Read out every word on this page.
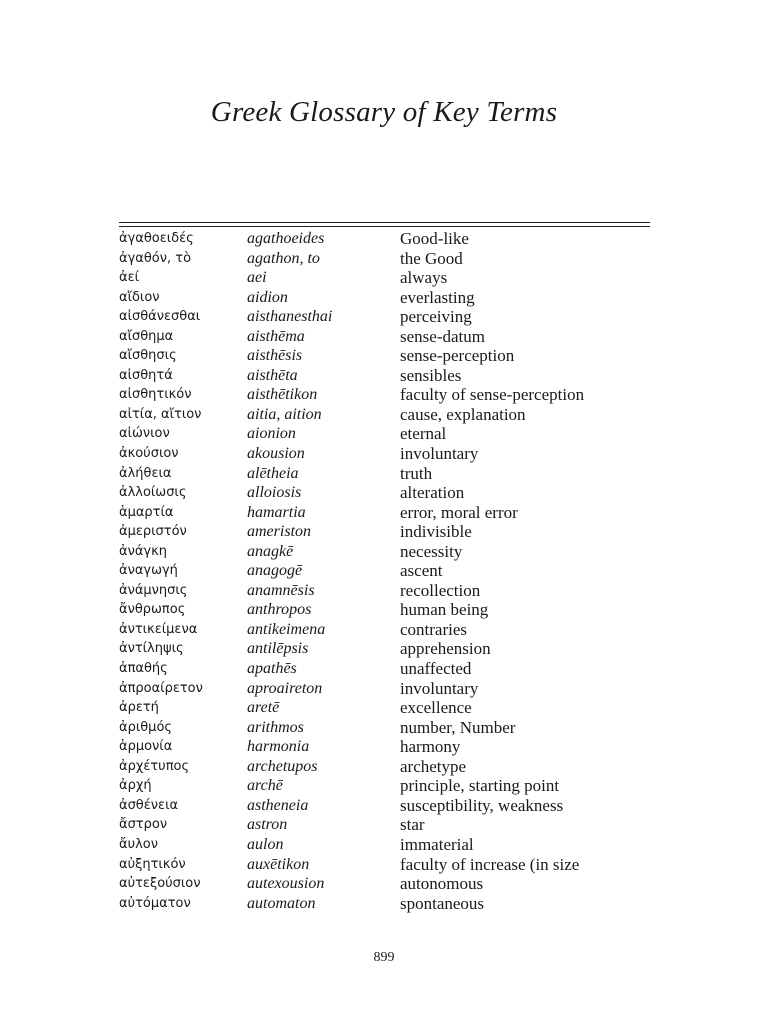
Greek Glossary of Key Terms
ἀγαθοειδές	agathoeides	Good-like
ἀγαθόν, τὸ	agathon, to	the Good
ἀεί	aei	always
αἴδιον	aidion	everlasting
αἰσθάνεσθαι	aisthanesthai	perceiving
αἴσθημα	aisthēma	sense-datum
αἴσθησις	aisthēsis	sense-perception
αἰσθητά	aisthēta	sensibles
αἰσθητικόν	aisthētikon	faculty of sense-perception
αἰτία, αἴτιον	aitia, aition	cause, explanation
αἰώνιον	aionion	eternal
ἀκούσιον	akousion	involuntary
ἀλήθεια	alētheia	truth
ἀλλοίωσις	alloiosis	alteration
ἁμαρτία	hamartia	error, moral error
ἀμεριστόν	ameriston	indivisible
ἀνάγκη	anagkē	necessity
ἀναγωγή	anagogē	ascent
ἀνάμνησις	anamnēsis	recollection
ἄνθρωπος	anthropos	human being
ἀντικείμενα	antikeimena	contraries
ἀντίληψις	antilēpsis	apprehension
ἀπαθής	apathēs	unaffected
ἀπροαίρετον	aproaireton	involuntary
ἀρετή	aretē	excellence
ἀριθμός	arithmos	number, Number
ἁρμονία	harmonia	harmony
ἀρχέτυπος	archetupos	archetype
ἀρχή	archē	principle, starting point
ἀσθένεια	astheneia	susceptibility, weakness
ἄστρον	astron	star
ἄυλον	aulon	immaterial
αὐξητικόν	auxētikon	faculty of increase (in size
αὐτεξούσιον	autexousion	autonomous
αὐτόματον	automaton	spontaneous
899
